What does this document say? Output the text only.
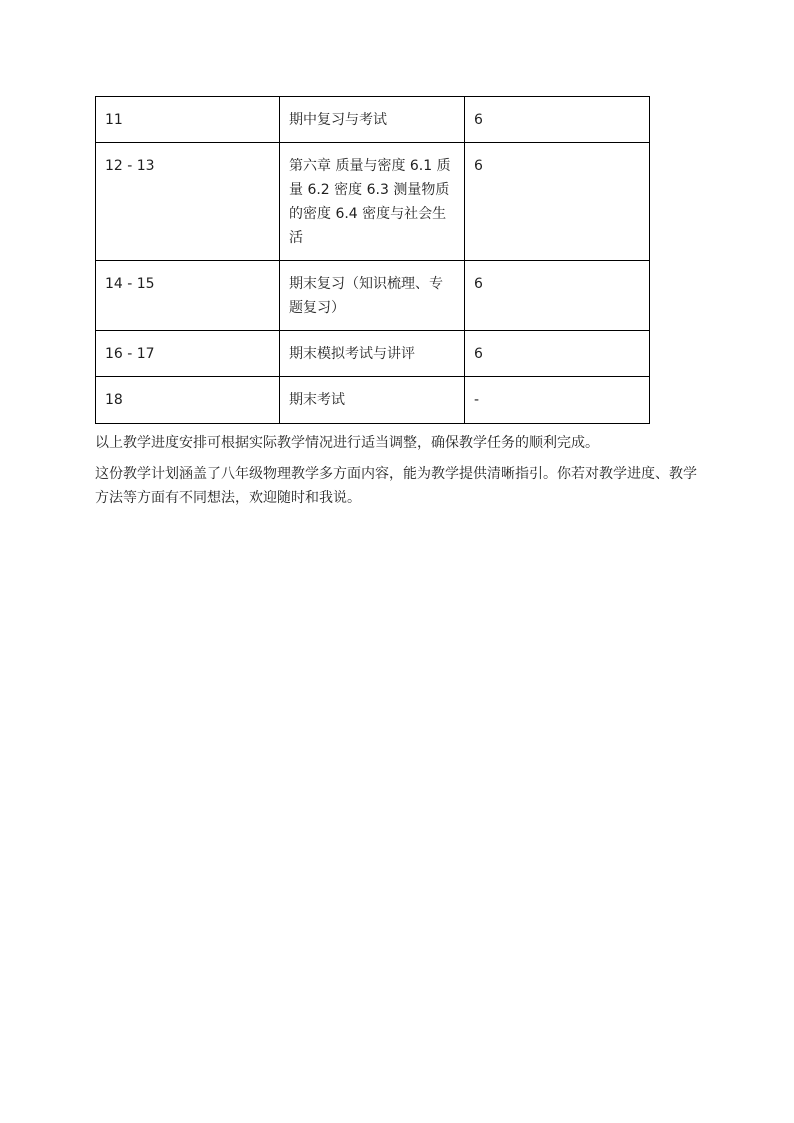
11	期中复习与考试	6
12 - 13	第六章 质量与密度 6.1 质量 6.2 密度 6.3 测量物质的密度 6.4 密度与社会生活	6
14 - 15	期末复习（知识梳理、专题复习）	6
16 - 17	期末模拟考试与讲评	6
18	期末考试	-

以上教学进度安排可根据实际教学情况进行适当调整，确保教学任务的顺利完成。

这份教学计划涵盖了八年级物理教学多方面内容，能为教学提供清晰指引。你若对教学进度、教学方法等方面有不同想法，欢迎随时和我说。
